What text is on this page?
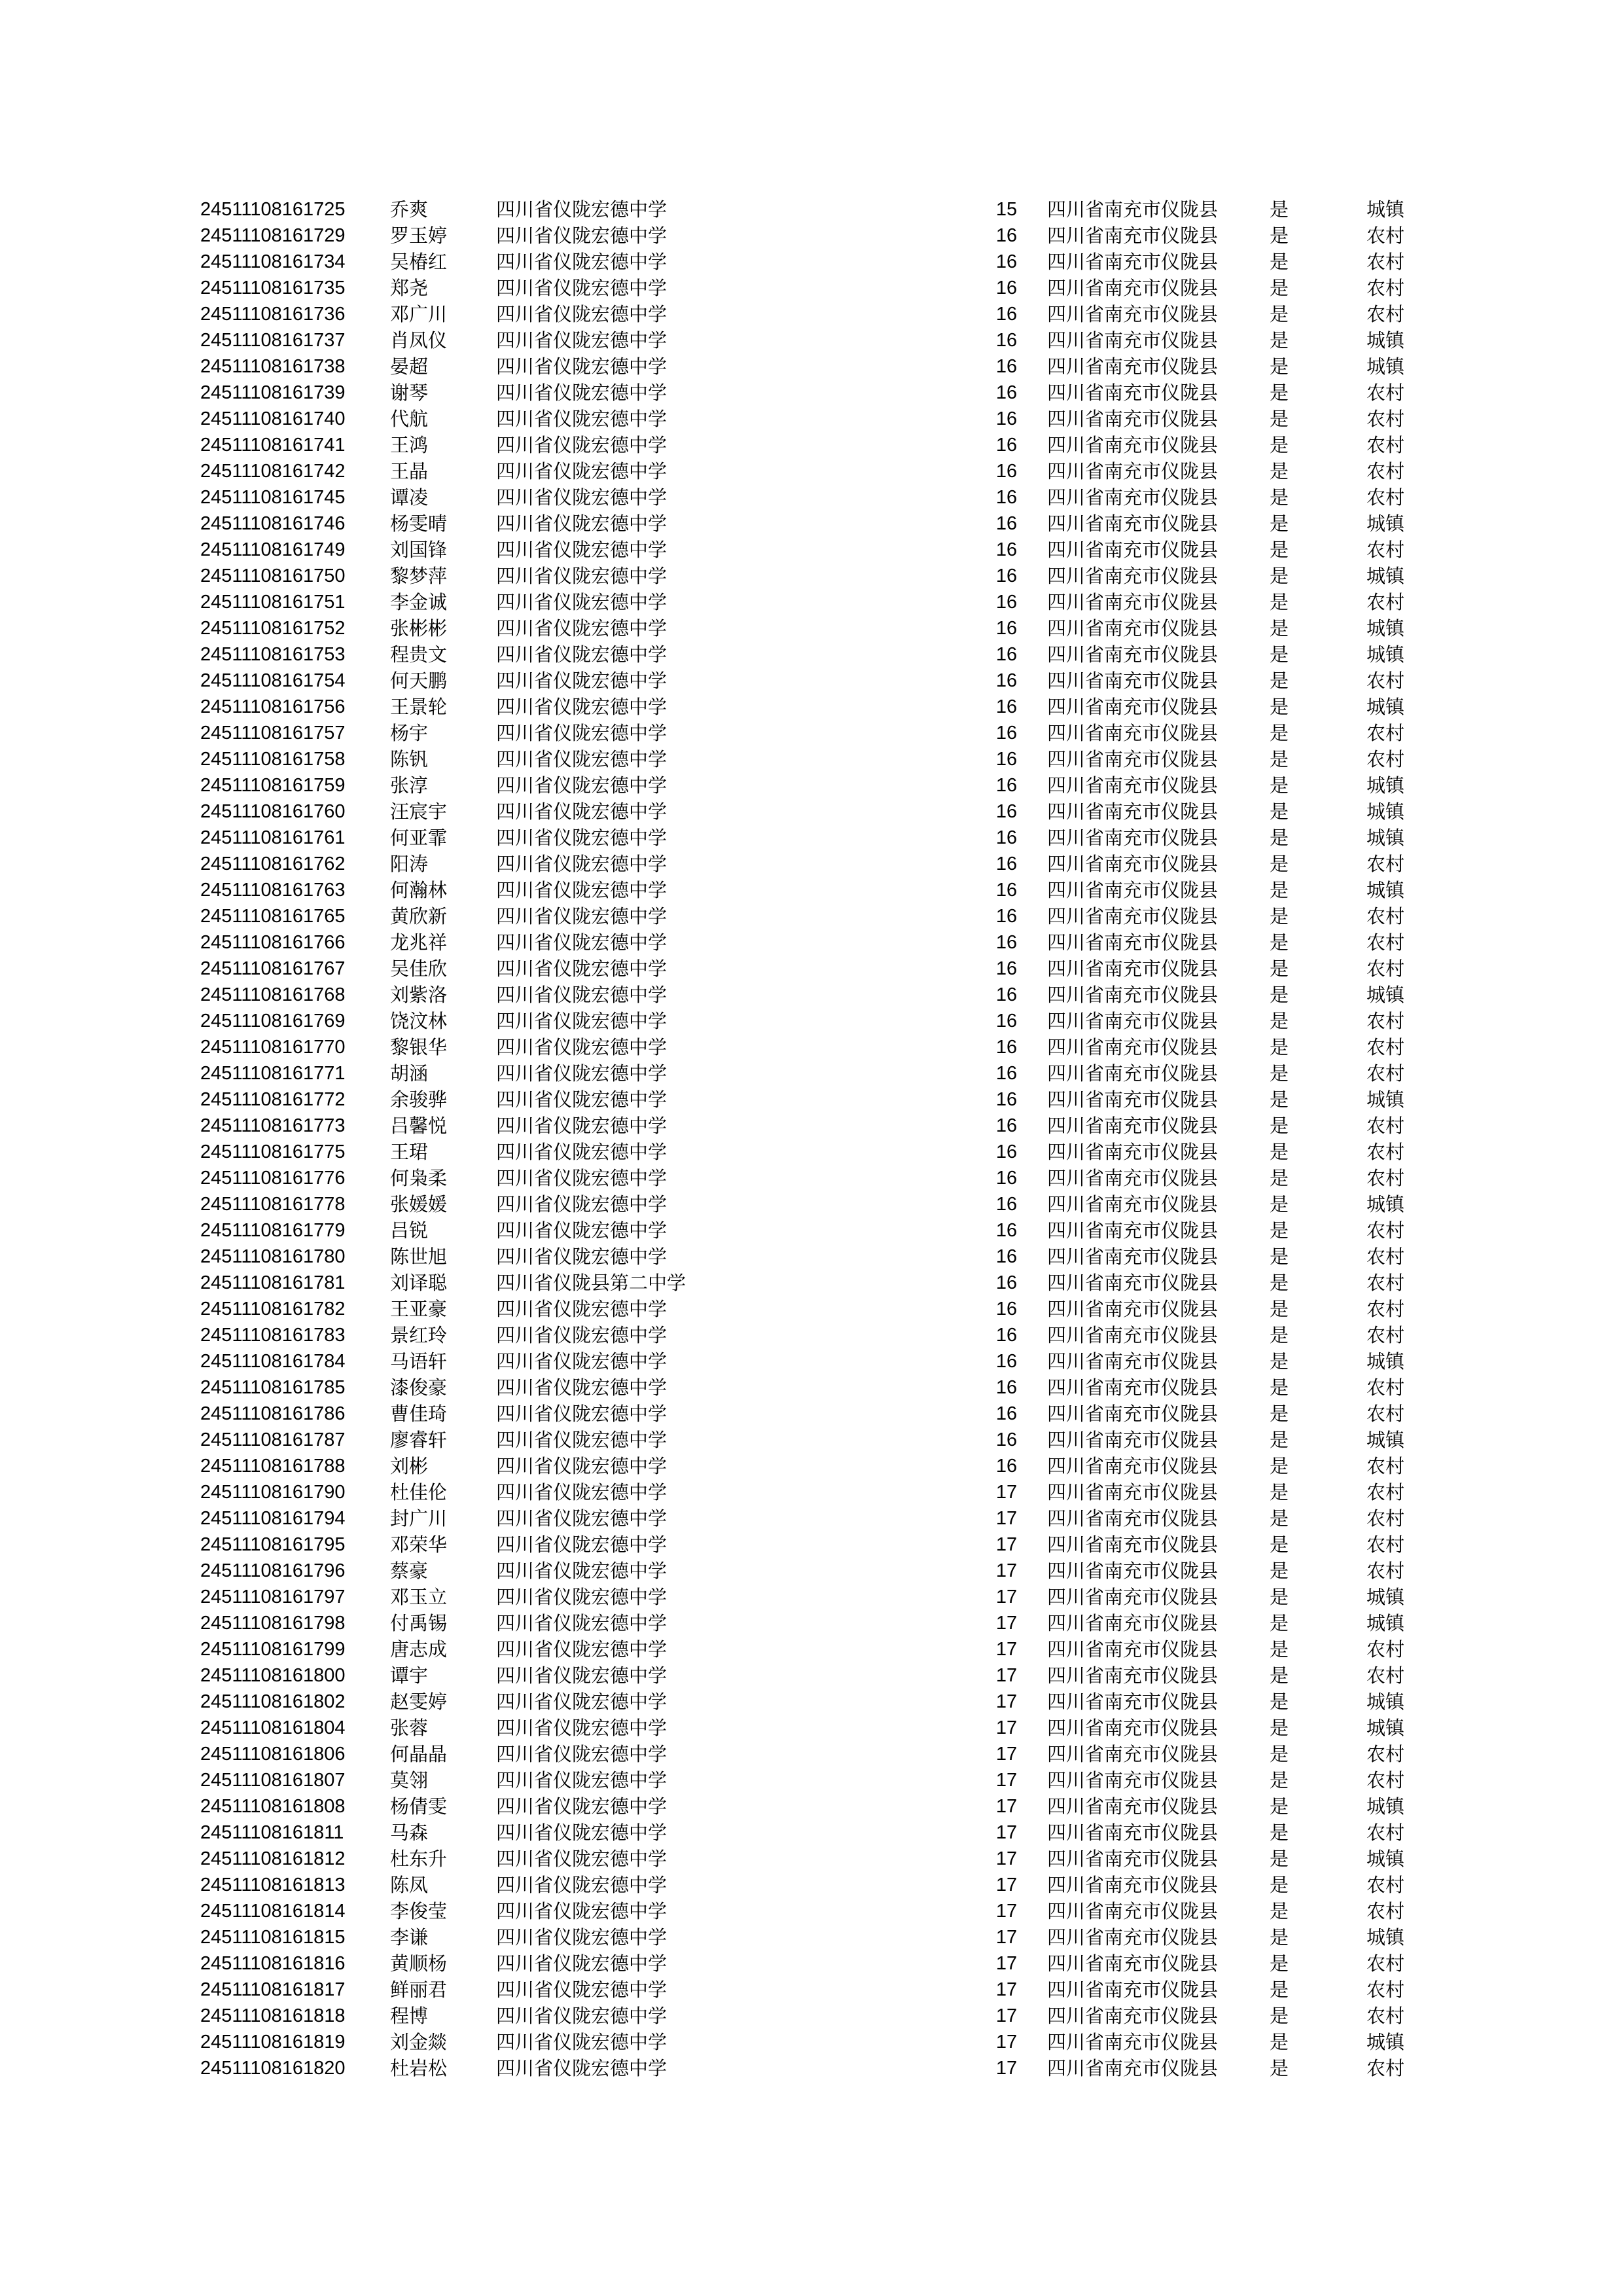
24511108161725 乔爽	四川省仪陇宏德中学	15	四川省南充市仪陇县	是	城镇
24511108161729 罗玉婷	四川省仪陇宏德中学	16	四川省南充市仪陇县	是	农村
24511108161734 吴椿红	四川省仪陇宏德中学	16	四川省南充市仪陇县	是	农村
24511108161735 郑尧	四川省仪陇宏德中学	16	四川省南充市仪陇县	是	农村
24511108161736 邓广川	四川省仪陇宏德中学	16	四川省南充市仪陇县	是	农村
24511108161737 肖凤仪	四川省仪陇宏德中学	16	四川省南充市仪陇县	是	城镇
24511108161738 晏超	四川省仪陇宏德中学	16	四川省南充市仪陇县	是	城镇
24511108161739 谢琴	四川省仪陇宏德中学	16	四川省南充市仪陇县	是	农村
24511108161740 代航	四川省仪陇宏德中学	16	四川省南充市仪陇县	是	农村
24511108161741 王鸿	四川省仪陇宏德中学	16	四川省南充市仪陇县	是	农村
24511108161742 王晶	四川省仪陇宏德中学	16	四川省南充市仪陇县	是	农村
24511108161745 谭凌	四川省仪陇宏德中学	16	四川省南充市仪陇县	是	农村
24511108161746 杨雯晴	四川省仪陇宏德中学	16	四川省南充市仪陇县	是	城镇
24511108161749 刘国锋	四川省仪陇宏德中学	16	四川省南充市仪陇县	是	农村
24511108161750 黎梦萍	四川省仪陇宏德中学	16	四川省南充市仪陇县	是	城镇
24511108161751 李金诚	四川省仪陇宏德中学	16	四川省南充市仪陇县	是	农村
24511108161752 张彬彬	四川省仪陇宏德中学	16	四川省南充市仪陇县	是	城镇
24511108161753 程贵文	四川省仪陇宏德中学	16	四川省南充市仪陇县	是	城镇
24511108161754 何天鹏	四川省仪陇宏德中学	16	四川省南充市仪陇县	是	农村
24511108161756 王景轮	四川省仪陇宏德中学	16	四川省南充市仪陇县	是	城镇
24511108161757 杨宇	四川省仪陇宏德中学	16	四川省南充市仪陇县	是	农村
24511108161758 陈钒	四川省仪陇宏德中学	16	四川省南充市仪陇县	是	农村
24511108161759 张淳	四川省仪陇宏德中学	16	四川省南充市仪陇县	是	城镇
24511108161760 汪宸宇	四川省仪陇宏德中学	16	四川省南充市仪陇县	是	城镇
24511108161761 何亚霏	四川省仪陇宏德中学	16	四川省南充市仪陇县	是	城镇
24511108161762 阳涛	四川省仪陇宏德中学	16	四川省南充市仪陇县	是	农村
24511108161763 何瀚林	四川省仪陇宏德中学	16	四川省南充市仪陇县	是	城镇
24511108161765 黄欣新	四川省仪陇宏德中学	16	四川省南充市仪陇县	是	农村
24511108161766 龙兆祥	四川省仪陇宏德中学	16	四川省南充市仪陇县	是	农村
24511108161767 吴佳欣	四川省仪陇宏德中学	16	四川省南充市仪陇县	是	农村
24511108161768 刘紫洛	四川省仪陇宏德中学	16	四川省南充市仪陇县	是	城镇
24511108161769 饶汶林	四川省仪陇宏德中学	16	四川省南充市仪陇县	是	农村
24511108161770 黎银华	四川省仪陇宏德中学	16	四川省南充市仪陇县	是	农村
24511108161771 胡涵	四川省仪陇宏德中学	16	四川省南充市仪陇县	是	农村
24511108161772 余骏骅	四川省仪陇宏德中学	16	四川省南充市仪陇县	是	城镇
24511108161773 吕馨悦	四川省仪陇宏德中学	16	四川省南充市仪陇县	是	农村
24511108161775 王珺	四川省仪陇宏德中学	16	四川省南充市仪陇县	是	农村
24511108161776 何枭柔	四川省仪陇宏德中学	16	四川省南充市仪陇县	是	农村
24511108161778 张媛媛	四川省仪陇宏德中学	16	四川省南充市仪陇县	是	城镇
24511108161779 吕锐	四川省仪陇宏德中学	16	四川省南充市仪陇县	是	农村
24511108161780 陈世旭	四川省仪陇宏德中学	16	四川省南充市仪陇县	是	农村
24511108161781 刘译聪	四川省仪陇县第二中学	16	四川省南充市仪陇县	是	农村
24511108161782 王亚豪	四川省仪陇宏德中学	16	四川省南充市仪陇县	是	农村
24511108161783 景红玲	四川省仪陇宏德中学	16	四川省南充市仪陇县	是	农村
24511108161784 马语轩	四川省仪陇宏德中学	16	四川省南充市仪陇县	是	城镇
24511108161785 漆俊豪	四川省仪陇宏德中学	16	四川省南充市仪陇县	是	农村
24511108161786 曹佳琦	四川省仪陇宏德中学	16	四川省南充市仪陇县	是	农村
24511108161787 廖睿轩	四川省仪陇宏德中学	16	四川省南充市仪陇县	是	城镇
24511108161788 刘彬	四川省仪陇宏德中学	16	四川省南充市仪陇县	是	农村
24511108161790 杜佳伦	四川省仪陇宏德中学	17	四川省南充市仪陇县	是	农村
24511108161794 封广川	四川省仪陇宏德中学	17	四川省南充市仪陇县	是	农村
24511108161795 邓荣华	四川省仪陇宏德中学	17	四川省南充市仪陇县	是	农村
24511108161796 蔡豪	四川省仪陇宏德中学	17	四川省南充市仪陇县	是	农村
24511108161797 邓玉立	四川省仪陇宏德中学	17	四川省南充市仪陇县	是	城镇
24511108161798 付禹锡	四川省仪陇宏德中学	17	四川省南充市仪陇县	是	城镇
24511108161799 唐志成	四川省仪陇宏德中学	17	四川省南充市仪陇县	是	农村
24511108161800 谭宇	四川省仪陇宏德中学	17	四川省南充市仪陇县	是	农村
24511108161802 赵雯婷	四川省仪陇宏德中学	17	四川省南充市仪陇县	是	城镇
24511108161804 张蓉	四川省仪陇宏德中学	17	四川省南充市仪陇县	是	城镇
24511108161806 何晶晶	四川省仪陇宏德中学	17	四川省南充市仪陇县	是	农村
24511108161807 莫翎	四川省仪陇宏德中学	17	四川省南充市仪陇县	是	农村
24511108161808 杨倩雯	四川省仪陇宏德中学	17	四川省南充市仪陇县	是	城镇
24511108161811 马森	四川省仪陇宏德中学	17	四川省南充市仪陇县	是	农村
24511108161812 杜东升	四川省仪陇宏德中学	17	四川省南充市仪陇县	是	城镇
24511108161813 陈凤	四川省仪陇宏德中学	17	四川省南充市仪陇县	是	农村
24511108161814 李俊莹	四川省仪陇宏德中学	17	四川省南充市仪陇县	是	农村
24511108161815 李谦	四川省仪陇宏德中学	17	四川省南充市仪陇县	是	城镇
24511108161816 黄顺杨	四川省仪陇宏德中学	17	四川省南充市仪陇县	是	农村
24511108161817 鲜丽君	四川省仪陇宏德中学	17	四川省南充市仪陇县	是	农村
24511108161818 程博	四川省仪陇宏德中学	17	四川省南充市仪陇县	是	农村
24511108161819 刘金燚	四川省仪陇宏德中学	17	四川省南充市仪陇县	是	城镇
24511108161820 杜岩松	四川省仪陇宏德中学	17	四川省南充市仪陇县	是	农村
